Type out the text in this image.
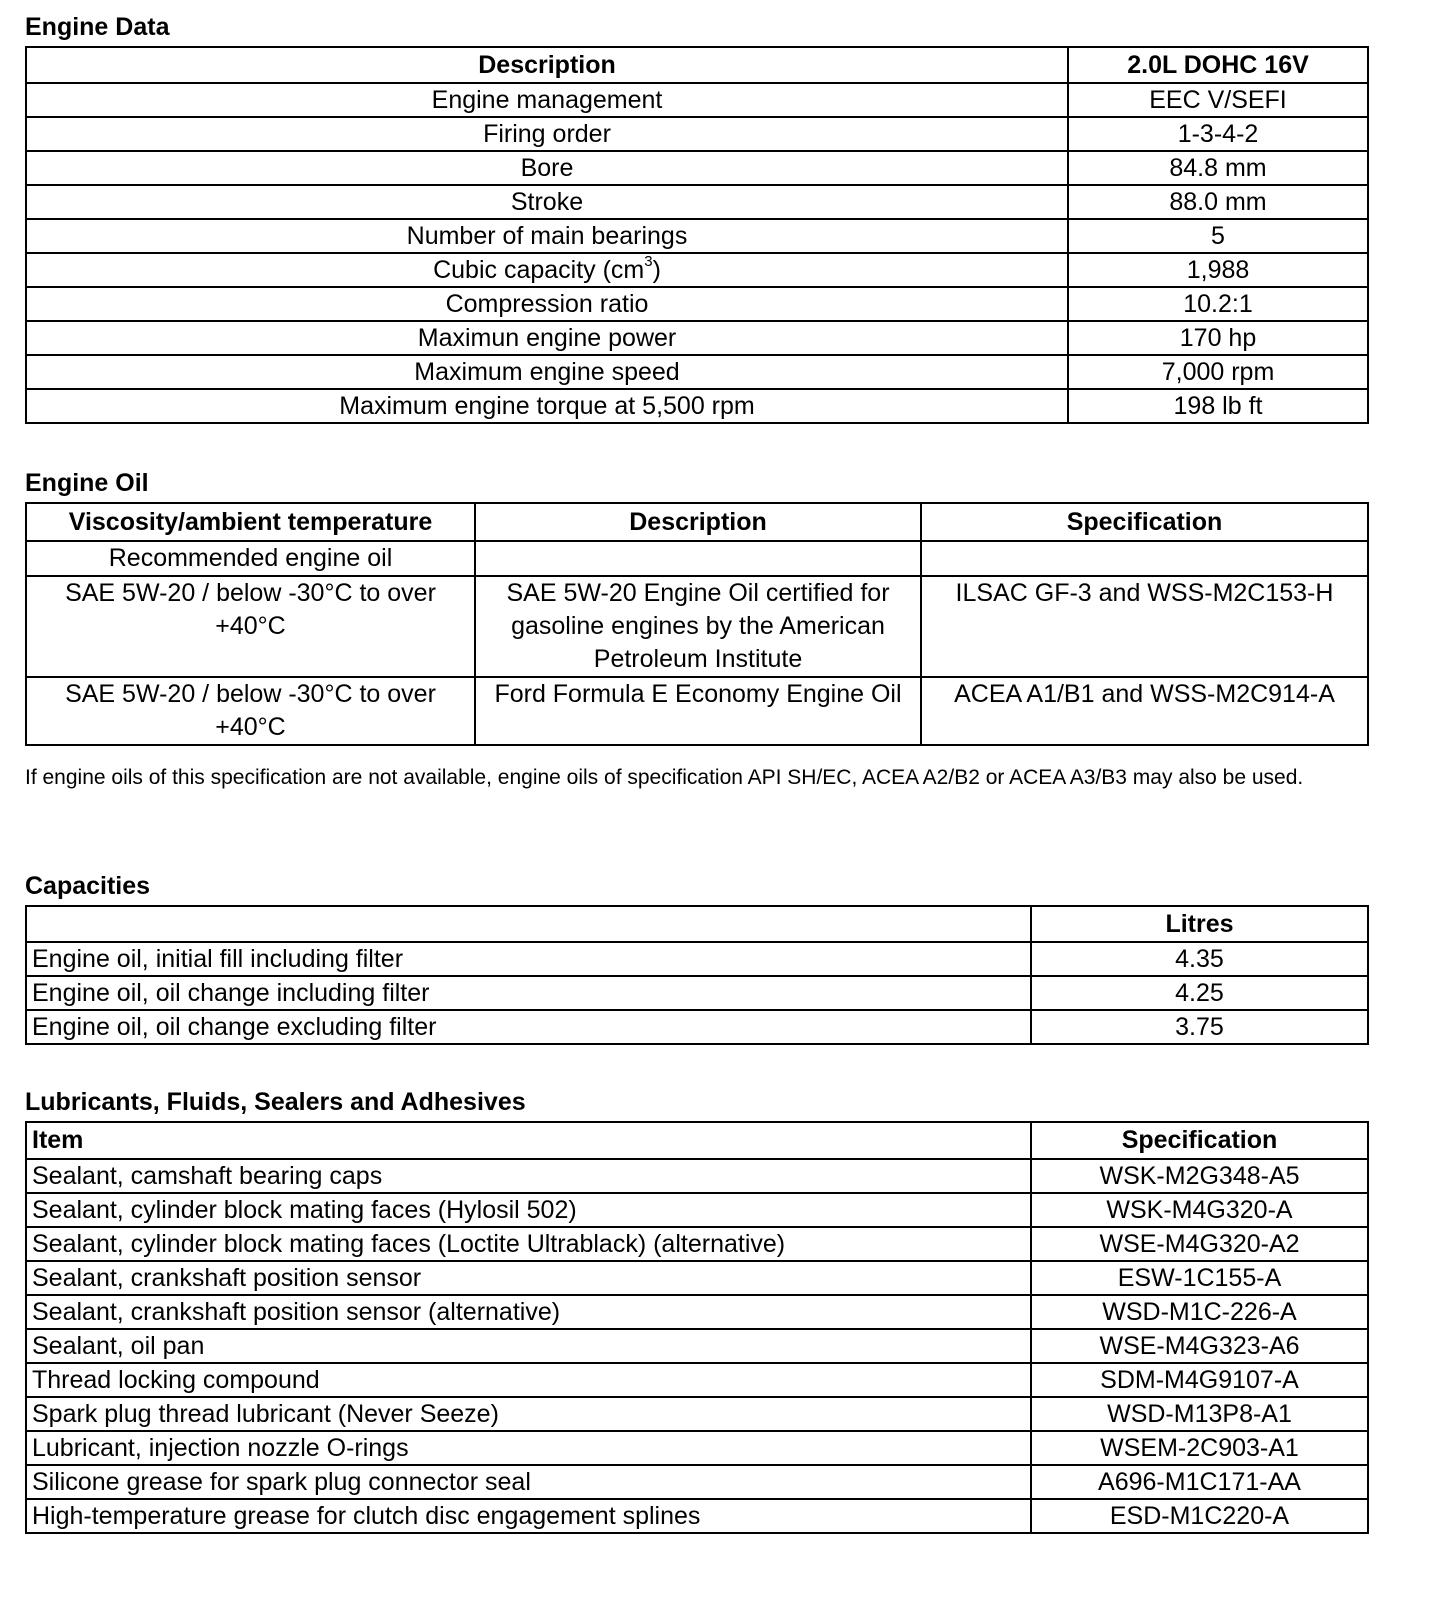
Engine Data
Description	2.0L DOHC 16V
Engine management	EEC V/SEFI
Firing order	1-3-4-2
Bore	84.8 mm
Stroke	88.0 mm
Number of main bearings	5
Cubic capacity $(cm^3)$	1,988
Compression ratio	10.2:1
Maximun engine power	170 hp
Maximum engine speed	7,000 rpm
Maximum engine torque at 5,500 rpm	198 lb ft
Engine Oil
Viscosity/ambient temperature	Description	Specification
Recommended engine oil		
SAE 5W-20 / below -30°C to over +40°C	SAE 5W-20 Engine Oil certified for gasoline engines by the American Petroleum Institute	ILSAC GF-3 and WSS-M2C153-H
SAE 5W-20 / below -30°C to over +40°C	Ford Formula E Economy Engine Oil	ACEA A1/B1 and WSS-M2C914-A

If engine oils of this specification are not available, engine oils of specification API SH/EC, ACEA A2/B2 or ACEA A3/B3 may also be used.

Capacities
	Litres
Engine oil, initial fill including filter	4.35
Engine oil, oil change including filter	4.25
Engine oil, oil change excluding filter	3.75
Lubricants, Fluids, Sealers and Adhesives
Item	Specification
Sealant, camshaft bearing caps	WSK-M2G348-A5
Sealant, cylinder block mating faces (Hylosil 502)	WSK-M4G320-A
Sealant, cylinder block mating faces (Loctite Ultrablack) (alternative)	WSE-M4G320-A2
Sealant, crankshaft position sensor	ESW-1C155-A
Sealant, crankshaft position sensor (alternative)	WSD-M1C-226-A
Sealant, oil pan	WSE-M4G323-A6
Thread locking compound	SDM-M4G9107-A
Spark plug thread lubricant (Never Seeze)	WSD-M13P8-A1
Lubricant, injection nozzle O-rings	WSEM-2C903-A1
Silicone grease for spark plug connector seal	A696-M1C171-AA
High-temperature grease for clutch disc engagement splines	ESD-M1C220-A
